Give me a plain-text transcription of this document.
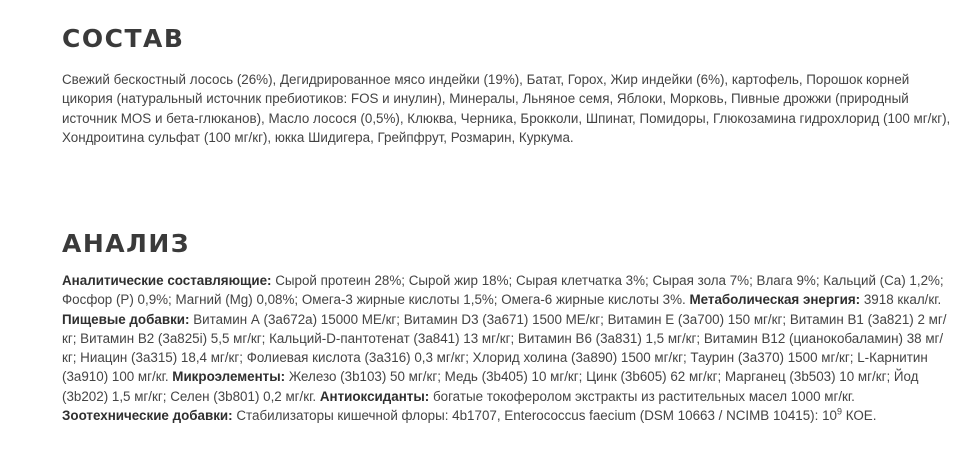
СОСТАВ

Свежий бескостный лосось (26%), Дегидрированное мясо индейки (19%), Батат, Горох, Жир индейки (6%), картофель, Порошок корней цикория (натуральный источник пребиотиков: FOS и инулин), Минералы, Льняное семя, Яблоки, Морковь, Пивные дрожжи (природный источник MOS и бета-глюканов), Масло лосося (0,5%), Клюква, Черника, Брокколи, Шпинат, Помидоры, Глюкозамина гидрохлорид (100 мг/кг), Хондроитина сульфат (100 мг/кг), юкка Шидигера, Грейпфрут, Розмарин, Куркума.

АНАЛИЗ

Аналитические составляющие: Сырой протеин 28%; Сырой жир 18%; Сырая клетчатка 3%; Сырая зола 7%; Влага 9%; Кальций (Ca) 1,2%; Фосфор (P) 0,9%; Магний (Mg) 0,08%; Омега-3 жирные кислоты 1,5%; Омега-6 жирные кислоты 3%. Метаболическая энергия: 3918 ккал/кг. Пищевые добавки: Витамин А (3a672a) 15000 МЕ/кг; Витамин D3 (3a671) 1500 МЕ/кг; Витамин Е (3a700) 150 мг/кг; Витамин В1 (3a821) 2 мг/кг; Витамин В2 (3a825i) 5,5 мг/кг; Кальций-D-пантотенат (3a841) 13 мг/кг; Витамин В6 (3a831) 1,5 мг/кг; Витамин В12 (цианокобаламин) 38 мг/кг; Ниацин (3a315) 18,4 мг/кг; Фолиевая кислота (3a316) 0,3 мг/кг; Хлорид холина (3a890) 1500 мг/кг; Таурин (3a370) 1500 мг/кг; L-Карнитин (3a910) 100 мг/кг. Микроэлементы: Железо (3b103) 50 мг/кг; Медь (3b405) 10 мг/кг; Цинк (3b605) 62 мг/кг; Марганец (3b503) 10 мг/кг; Йод (3b202) 1,5 мг/кг; Селен (3b801) 0,2 мг/кг. Антиоксиданты: богатые токоферолом экстракты из растительных масел 1000 мг/кг. Зоотехнические добавки: Стабилизаторы кишечной флоры: 4b1707, Enterococcus faecium (DSM 10663 / NCIMB 10415): $10^9$ КОЕ.
